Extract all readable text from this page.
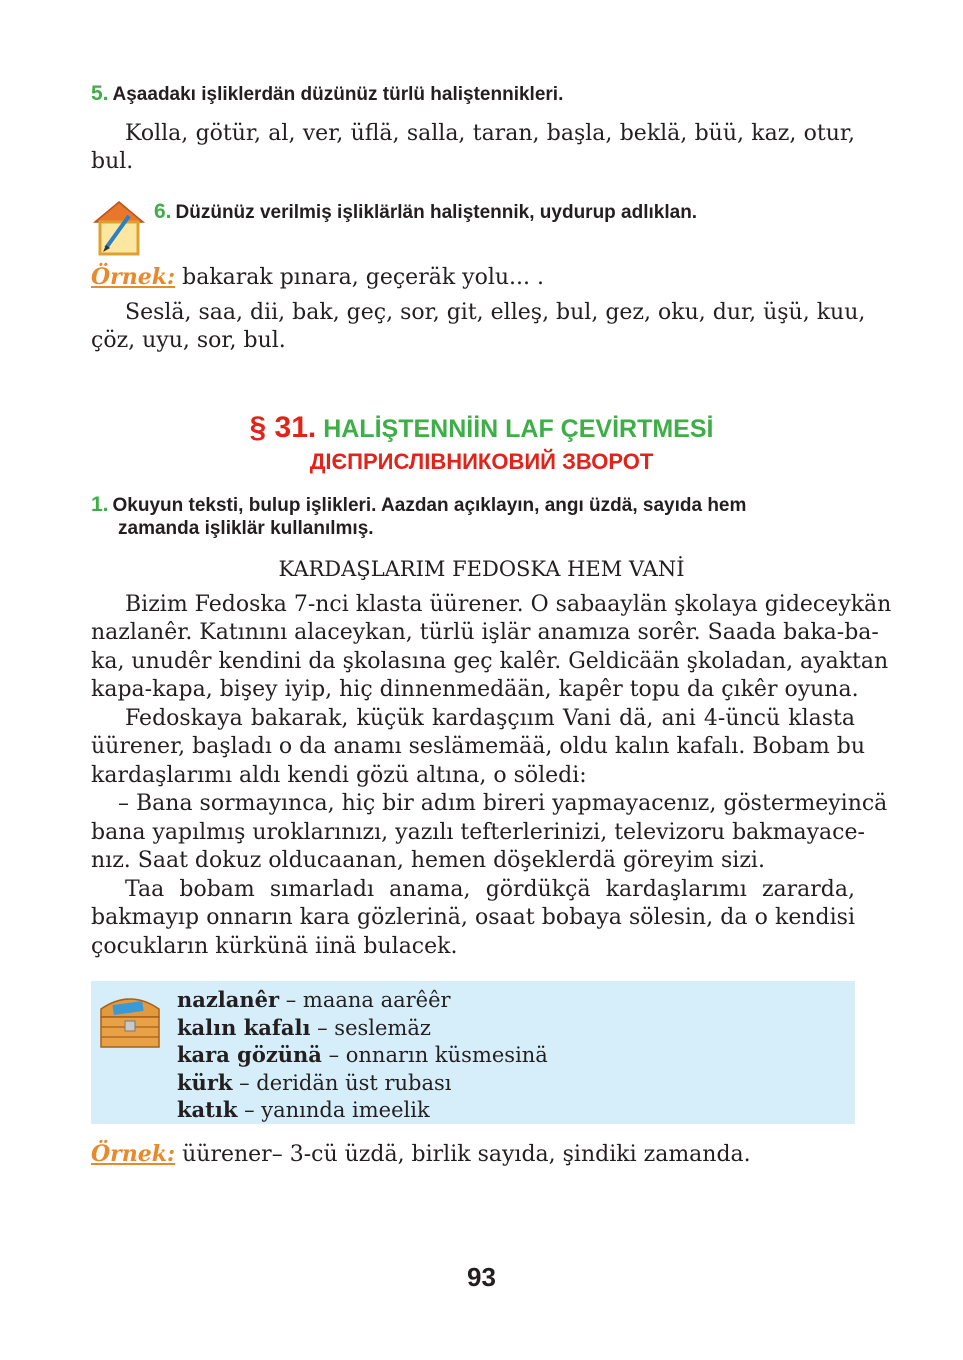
5. Aşaadakı işliklerdän düzünüz türlü haliştennikleri.
Kolla, götür, al, ver, üflä, salla, taran, başla, beklä, büü, kaz, otur,
bul.
6. Düzünüz verilmiş işliklärlän haliştennik, uydurup adlıklan.
Örnek: bakarak pınara, geçeräk yolu... .
Seslä, saa, dii, bak, geç, sor, git, elleş, bul, gez, oku, dur, üşü, kuu,
çöz, uyu, sor, bul.
§ 31. HALİŞTENNİİN LAF ÇEVİRTMESİ
ДІЄПРИСЛІВНИКОВИЙ ЗВОРОТ
1. Okuyun teksti, bulup işlikleri. Aazdan açıklayın, angı üzdä, sayıda hem
zamanda işliklär kullanılmış.
KARDAŞLARIM FEDOSKA HEM VANİ
Bizim Fedoska 7-nci klasta üürener. O sabaaylän şkolaya gideceykän
nazlanêr. Katınını alaceykan, türlü işlär anamıza sorêr. Saada baka-ba-
ka, unudêr kendini da şkolasına geç kalêr. Geldicään şkoladan, ayaktan
kapa-kapa, bişey iyip, hiç dinnenmedään, kapêr topu da çıkêr oyuna.
Fedoskaya bakarak, küçük kardaşçıım Vani dä, ani 4-üncü klasta
üürener, başladı o da anamı seslämemää, oldu kalın kafalı. Bobam bu
kardaşlarımı aldı kendi gözü altına, o söledi:
– Bana sormayınca, hiç bir adım bireri yapmayacenız, göstermeyincä
bana yapılmış uroklarınızı, yazılı tefterlerinizi, televizoru bakmayace-
nız. Saat dokuz olducaanan, hemen döşeklerdä göreyim sizi.
Taa bobam sımarladı anama, gördükçä kardaşlarımı zararda,
bakmayıp onnarın kara gözlerinä, osaat bobaya sölesin, da o kendisi
çocukların kürkünä iinä bulacek.
nazlanêr – maana aarêêr
kalın kafalı – seslemäz
kara gözünä – onnarın küsmesinä
kürk – deridän üst rubası
katık – yanında imeelik
Örnek: üürener– 3-cü üzdä, birlik sayıda, şindiki zamanda.
93
